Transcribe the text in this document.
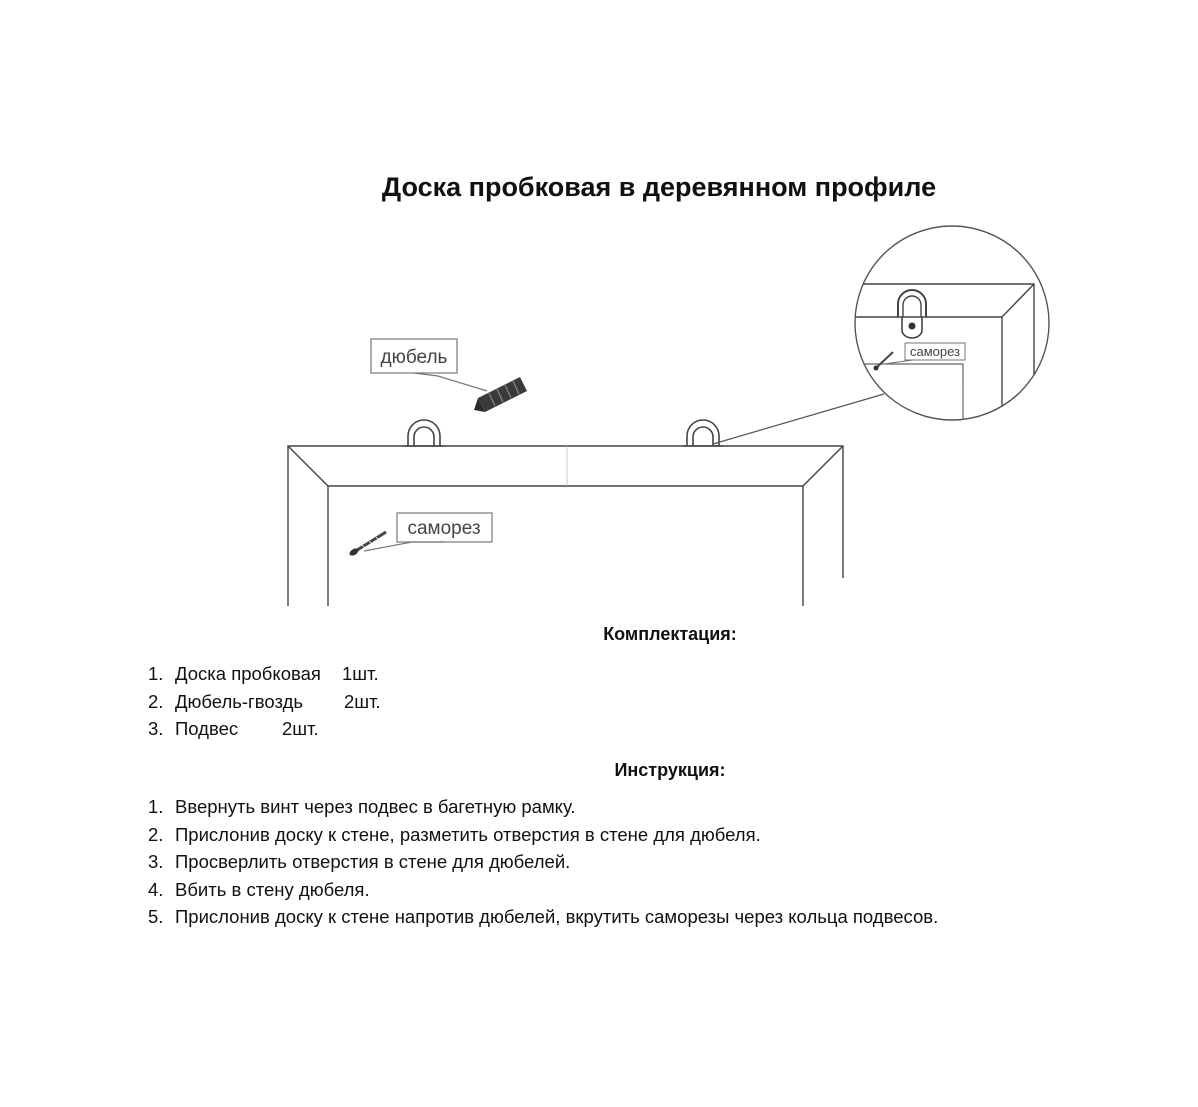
Доска пробковая в деревянном профиле
дюбель
саморез
саморез
Комплектация:
1. Доска пробковая	1шт.
2. Дюбель-гвоздь	2шт.
3. Подвес	2шт.
Инструкция:
1. Ввернуть винт через подвес в багетную рамку.
2. Прислонив доску к стене, разметить отверстия в стене для дюбеля.
3. Просверлить отверстия в стене для дюбелей.
4. Вбить в стену дюбеля.
5. Прислонив доску к стене напротив дюбелей, вкрутить саморезы через кольца подвесов.
